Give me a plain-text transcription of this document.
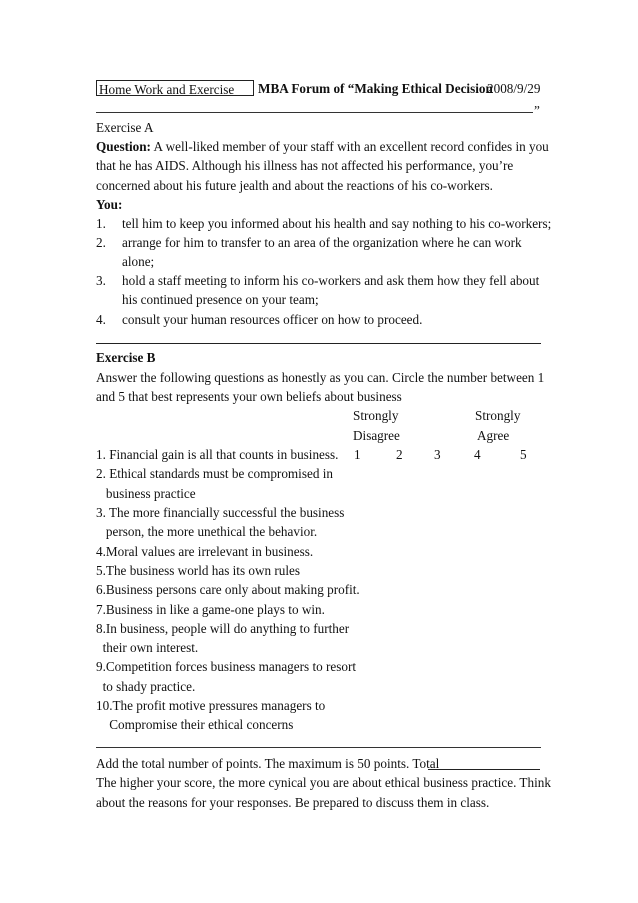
Home Work and Exercise MBA Forum of “Making Ethical Decision
2008/9/29
”
Exercise A
Question: A well-liked member of your staff with an excellent record confides in you
that he has AIDS. Although his illness has not affected his performance, you’re
concerned about his future jealth and about the reactions of his co-workers.
You:
1. tell him to keep you informed about his health and say nothing to his co-workers;
2. arrange for him to transfer to an area of the organization where he can work
alone;
3. hold a staff meeting to inform his co-workers and ask them how they fell about
his continued presence on your team;
4. consult your human resources officer on how to proceed.
Exercise B
Answer the following questions as honestly as you can. Circle the number between 1
and 5 that best represents your own beliefs about business
Strongly	Strongly
Disagree	Agree
1	2 3	4	5
1. Financial gain is all that counts in business.
2. Ethical standards must be compromised in
business practice
3. The more financially successful the business
person, the more unethical the behavior.
4.Moral values are irrelevant in business.
5.The business world has its own rules
6.Business persons care only about making profit.
7.Business in like a game-one plays to win.
8.In business, people will do anything to further
their own interest.
9.Competition forces business managers to resort
to shady practice.
10.The profit motive pressures managers to
Compromise their ethical concerns
Add the total number of points. The maximum is 50 points. Total
The higher your score, the more cynical you are about ethical business practice. Think
about the reasons for your responses. Be prepared to discuss them in class.
